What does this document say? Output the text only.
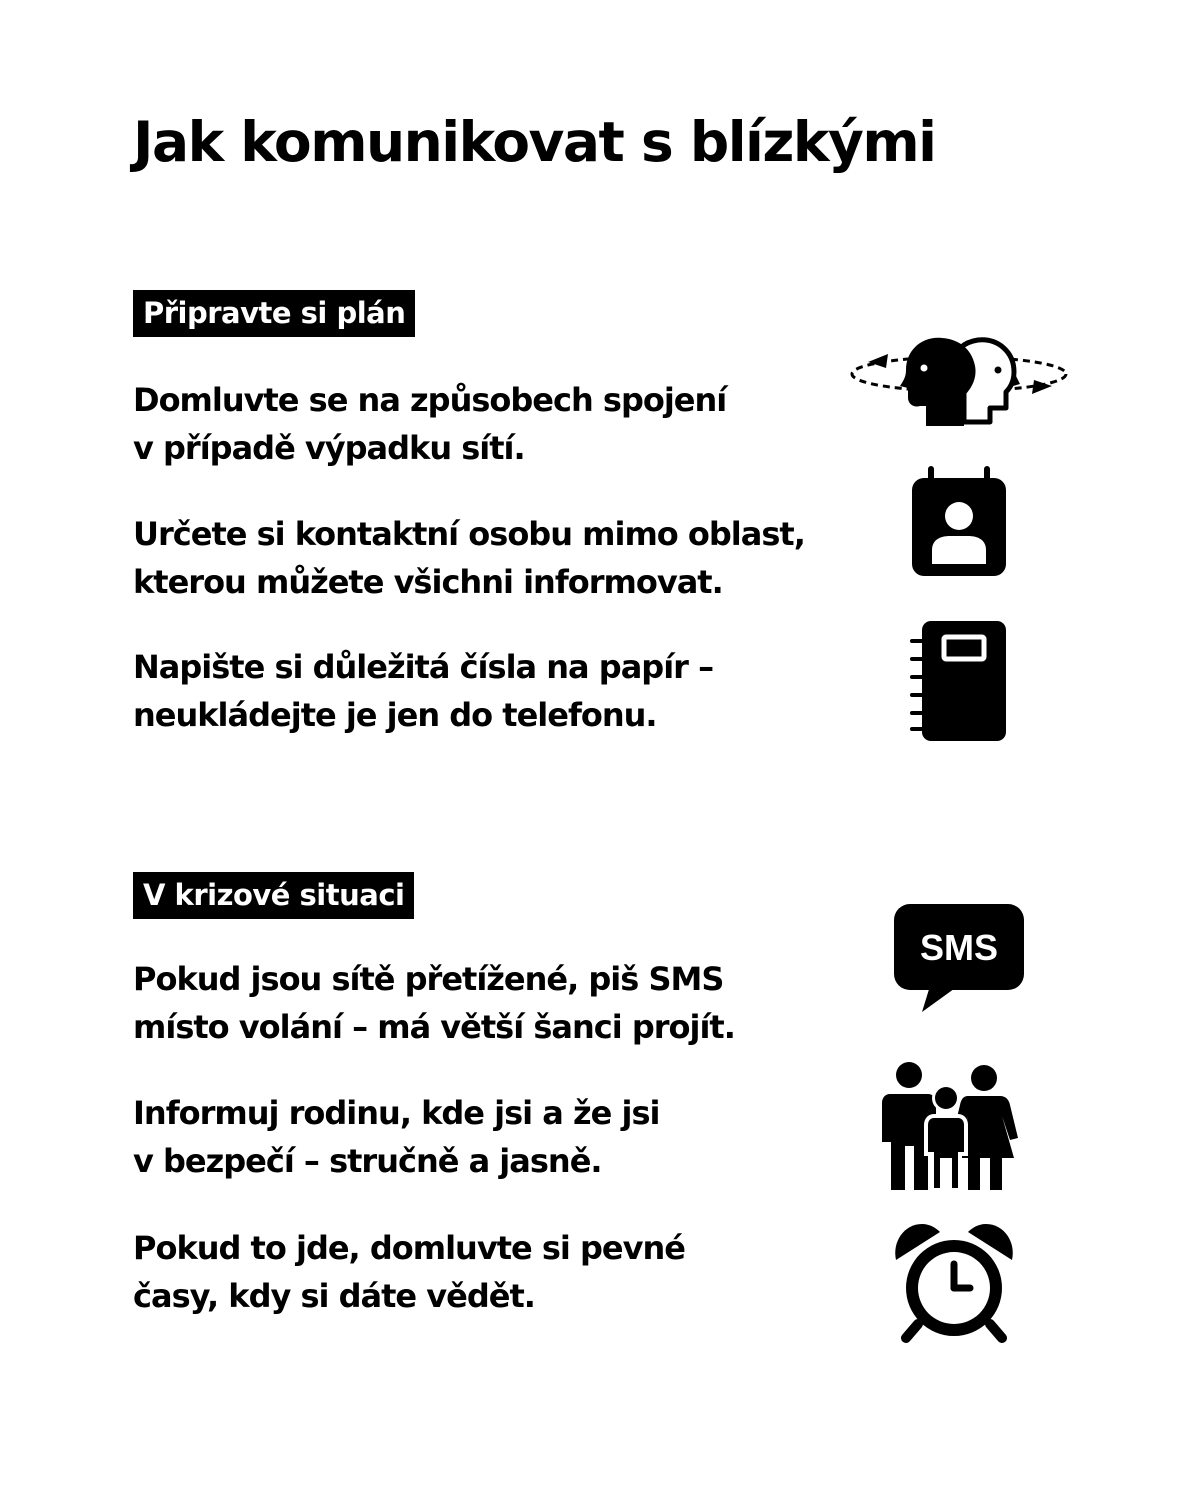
Jak komunikovat s blízkými
Připravte si plán

Domluvte se na způsobech spojení
v případě výpadku sítí.

Určete si kontaktní osobu mimo oblast,
kterou můžete všichni informovat.

Napište si důležitá čísla na papír –
neukládejte je jen do telefonu.

V krizové situaci

Pokud jsou sítě přetížené, piš SMS
místo volání – má větší šanci projít.

Informuj rodinu, kde jsi a že jsi
v bezpečí – stručně a jasně.

Pokud to jde, domluvte si pevné
časy, kdy si dáte vědět.

SMS
